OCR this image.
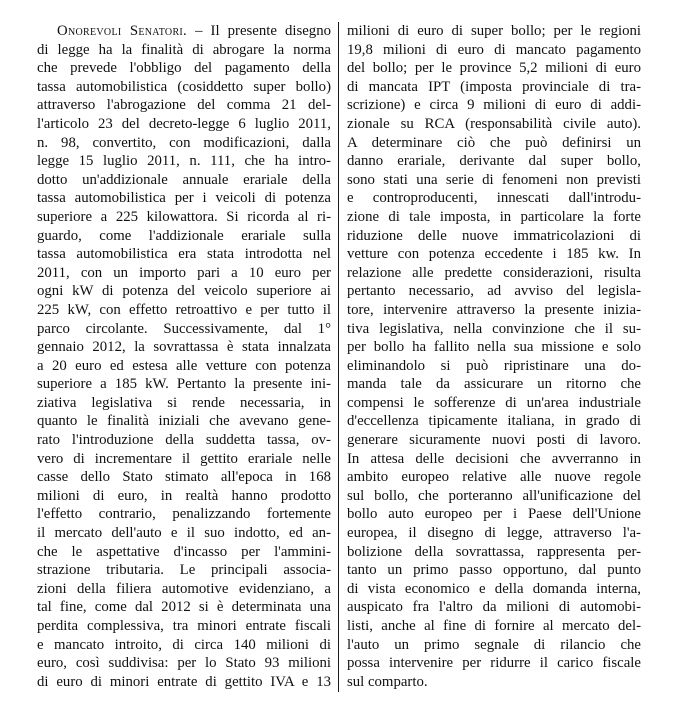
Onorevoli Senatori. – Il presente disegno
di legge ha la finalità di abrogare la norma
che prevede l'obbligo del pagamento della
tassa automobilistica (cosiddetto super bollo)
attraverso l'abrogazione del comma 21 del-
l'articolo 23 del decreto-legge 6 luglio 2011,
n. 98, convertito, con modificazioni, dalla
legge 15 luglio 2011, n. 111, che ha intro-
dotto un'addizionale annuale erariale della
tassa automobilistica per i veicoli di potenza
superiore a 225 kilowattora. Si ricorda al ri-
guardo, come l'addizionale erariale sulla
tassa automobilistica era stata introdotta nel
2011, con un importo pari a 10 euro per
ogni kW di potenza del veicolo superiore ai
225 kW, con effetto retroattivo e per tutto il
parco circolante. Successivamente, dal 1°
gennaio 2012, la sovrattassa è stata innalzata
a 20 euro ed estesa alle vetture con potenza
superiore a 185 kW. Pertanto la presente ini-
ziativa legislativa si rende necessaria, in
quanto le finalità iniziali che avevano gene-
rato l'introduzione della suddetta tassa, ov-
vero di incrementare il gettito erariale nelle
casse dello Stato stimato all'epoca in 168
milioni di euro, in realtà hanno prodotto
l'effetto contrario, penalizzando fortemente
il mercato dell'auto e il suo indotto, ed an-
che le aspettative d'incasso per l'ammini-
strazione tributaria. Le principali associa-
zioni della filiera automotive evidenziano, a
tal fine, come dal 2012 si è determinata una
perdita complessiva, tra minori entrate fiscali
e mancato introito, di circa 140 milioni di
euro, così suddivisa: per lo Stato 93 milioni
di euro di minori entrate di gettito IVA e 13
milioni di euro di super bollo; per le regioni
19,8 milioni di euro di mancato pagamento
del bollo; per le province 5,2 milioni di euro
di mancata IPT (imposta provinciale di tra-
scrizione) e circa 9 milioni di euro di addi-
zionale su RCA (responsabilità civile auto).
A determinare ciò che può definirsi un
danno erariale, derivante dal super bollo,
sono stati una serie di fenomeni non previsti
e controproducenti, innescati dall'introdu-
zione di tale imposta, in particolare la forte
riduzione delle nuove immatricolazioni di
vetture con potenza eccedente i 185 kw. In
relazione alle predette considerazioni, risulta
pertanto necessario, ad avviso del legisla-
tore, intervenire attraverso la presente inizia-
tiva legislativa, nella convinzione che il su-
per bollo ha fallito nella sua missione e solo
eliminandolo si può ripristinare una do-
manda tale da assicurare un ritorno che
compensi le sofferenze di un'area industriale
d'eccellenza tipicamente italiana, in grado di
generare sicuramente nuovi posti di lavoro.
In attesa delle decisioni che avverranno in
ambito europeo relative alle nuove regole
sul bollo, che porteranno all'unificazione del
bollo auto europeo per i Paese dell'Unione
europea, il disegno di legge, attraverso l'a-
bolizione della sovrattassa, rappresenta per-
tanto un primo passo opportuno, dal punto
di vista economico e della domanda interna,
auspicato fra l'altro da milioni di automobi-
listi, anche al fine di fornire al mercato del-
l'auto un primo segnale di rilancio che
possa intervenire per ridurre il carico fiscale
sul comparto.
